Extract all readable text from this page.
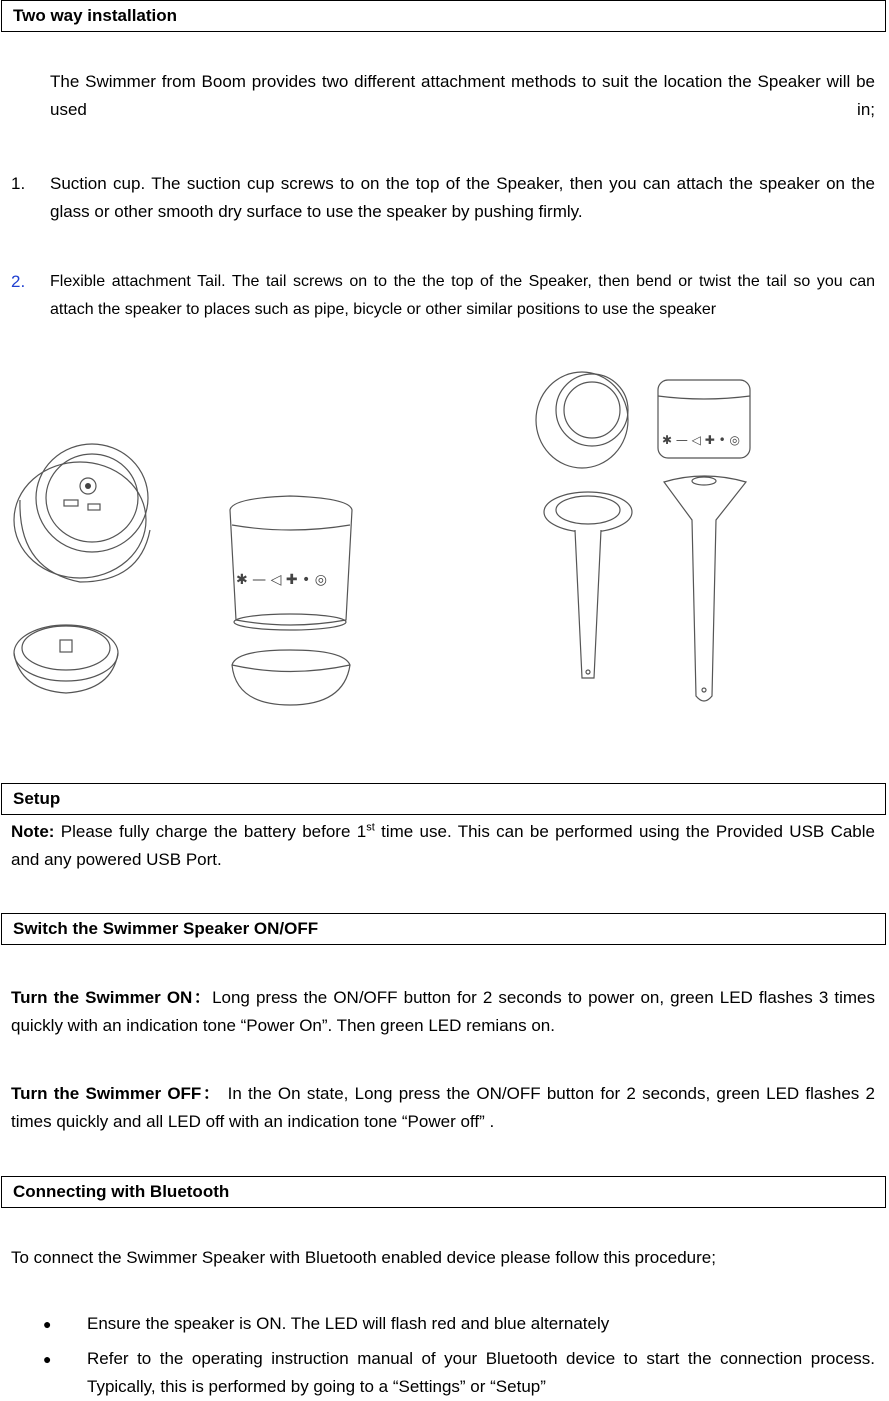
Two way installation
The Swimmer from Boom provides two different attachment methods to suit the location the Speaker will be used in;
1. Suction cup. The suction cup screws to on the top of the Speaker, then you can attach the speaker on the glass or other smooth dry surface to use the speaker by pushing firmly.
2. Flexible attachment Tail. The tail screws on to the the top of the Speaker, then bend or twist the tail so you can attach the speaker to places such as pipe, bicycle or other similar positions to use the speaker
✱ — ◁ ✚ • ◎
✱ — ◁ ✚ • ◎
Setup
Note: Please fully charge the battery before 1st time use. This can be performed using the Provided USB Cable and any powered USB Port.
Switch the Swimmer Speaker ON/OFF
Turn the Swimmer ON：Long press the ON/OFF button for 2 seconds to power on, green LED flashes 3 times quickly with an indication tone “Power On”. Then green LED remians on.
Turn the Swimmer OFF： In the On state, Long press the ON/OFF button for 2 seconds, green LED flashes 2 times quickly and all LED off with an indication tone “Power off” .
Connecting with Bluetooth
To connect the Swimmer Speaker with Bluetooth enabled device please follow this procedure;
● Ensure the speaker is ON. The LED will flash red and blue alternately
● Refer to the operating instruction manual of your Bluetooth device to start the connection process. Typically, this is performed by going to a “Settings” or “Setup”
